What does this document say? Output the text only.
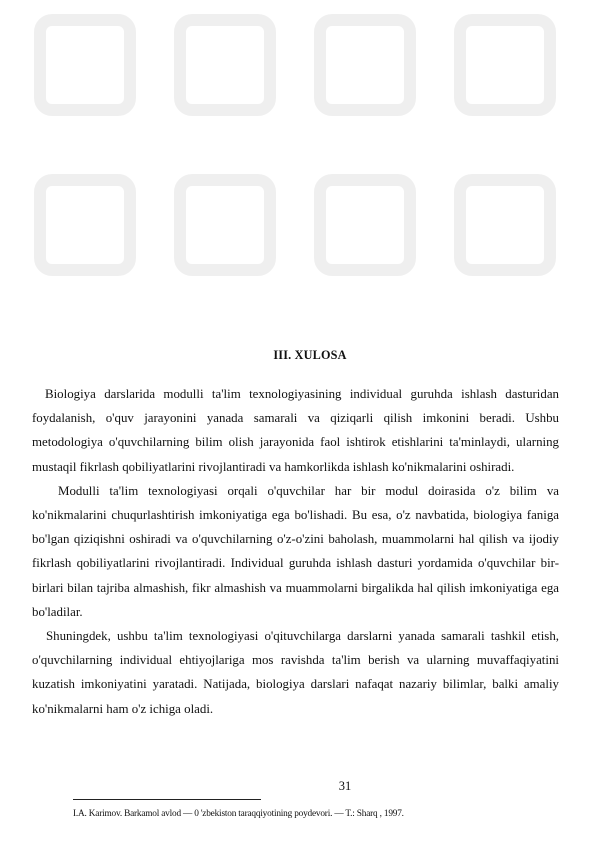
III. XULOSA

Biologiya darslarida modulli ta'lim texnologiyasining individual guruhda ishlash dasturidan foydalanish, o'quv jarayonini yanada samarali va qiziqarli qilish imkonini beradi. Ushbu metodologiya o'quvchilarning bilim olish jarayonida faol ishtirok etishlarini ta'minlaydi, ularning mustaqil fikrlash qobiliyatlarini rivojlantiradi va hamkorlikda ishlash ko'nikmalarini oshiradi.

Modulli ta'lim texnologiyasi orqali o'quvchilar har bir modul doirasida o'z bilim va ko'nikmalarini chuqurlashtirish imkoniyatiga ega bo'lishadi. Bu esa, o'z navbatida, biologiya faniga bo'lgan qiziqishni oshiradi va o'quvchilarning o'z-o'zini baholash, muammolarni hal qilish va ijodiy fikrlash qobiliyatlarini rivojlantiradi. Individual guruhda ishlash dasturi yordamida o'quvchilar bir-birlari bilan tajriba almashish, fikr almashish va muammolarni birgalikda hal qilish imkoniyatiga ega bo'ladilar.

Shuningdek, ushbu ta'lim texnologiyasi o'qituvchilarga darslarni yanada samarali tashkil etish, o'quvchilarning individual ehtiyojlariga mos ravishda ta'lim berish va ularning muvaffaqiyatini kuzatish imkoniyatini yaratadi. Natijada, biologiya darslari nafaqat nazariy bilimlar, balki amaliy ko'nikmalarni ham o'z ichiga oladi.

31
I.A. Karimov. Barkamol avlod — 0 'zbekiston taraqqiyotining poydevori. — T.: Sharq , 1997.
